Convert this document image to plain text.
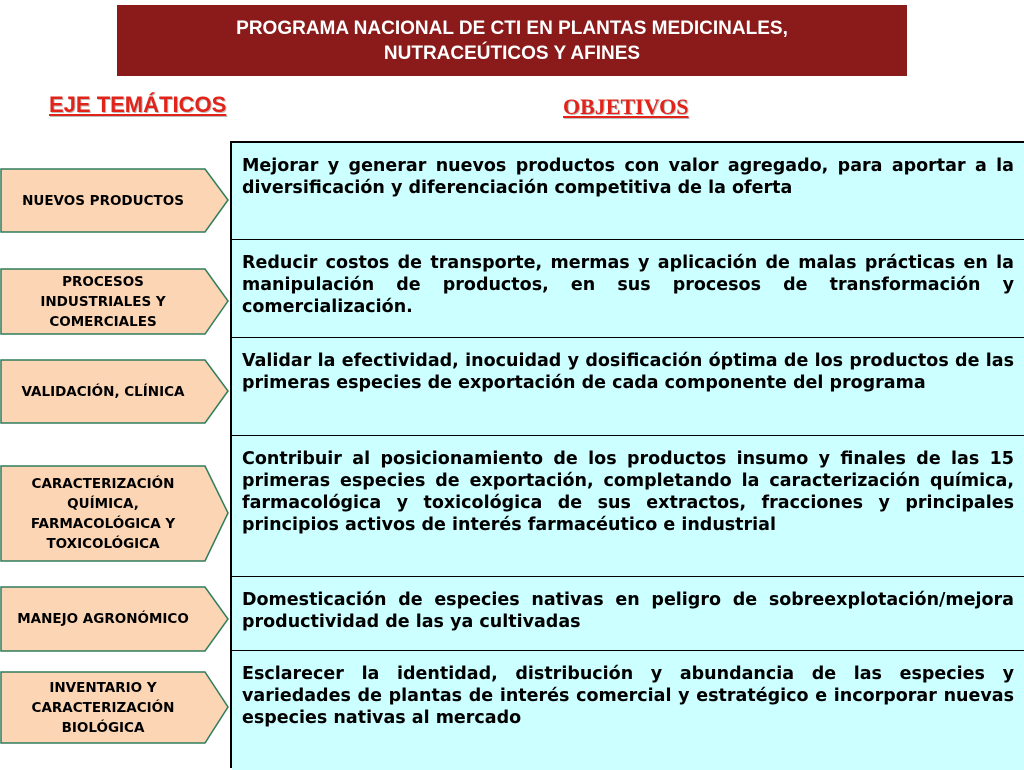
PROGRAMA NACIONAL DE CTI EN PLANTAS MEDICINALES,
NUTRACEÚTICOS Y AFINES
EJE TEMÁTICOS	OBJETIVOS
NUEVOS PRODUCTOS
PROCESOS INDUSTRIALES Y COMERCIALES
VALIDACIÓN, CLÍNICA
CARACTERIZACIÓN QUÍMICA, FARMACOLÓGICA Y TOXICOLÓGICA
MANEJO AGRONÓMICO
INVENTARIO Y CARACTERIZACIÓN BIOLÓGICA
Mejorar y generar nuevos productos con valor agregado, para aportar a la diversificación y diferenciación competitiva de la oferta
Reducir costos de transporte, mermas y aplicación de malas prácticas en la manipulación de productos, en sus procesos de transformación y comercialización.
Validar la efectividad, inocuidad y dosificación óptima de los productos de las primeras especies de exportación de cada componente del programa
Contribuir al posicionamiento de los productos insumo y finales de las 15 primeras especies de exportación, completando la caracterización química, farmacológica y toxicológica de sus extractos, fracciones y principales principios activos de interés farmacéutico e industrial
Domesticación de especies nativas en peligro de sobreexplotación/mejora productividad de las ya cultivadas
Esclarecer la identidad, distribución y abundancia de las especies y variedades de plantas de interés comercial y estratégico e incorporar nuevas especies nativas al mercado
